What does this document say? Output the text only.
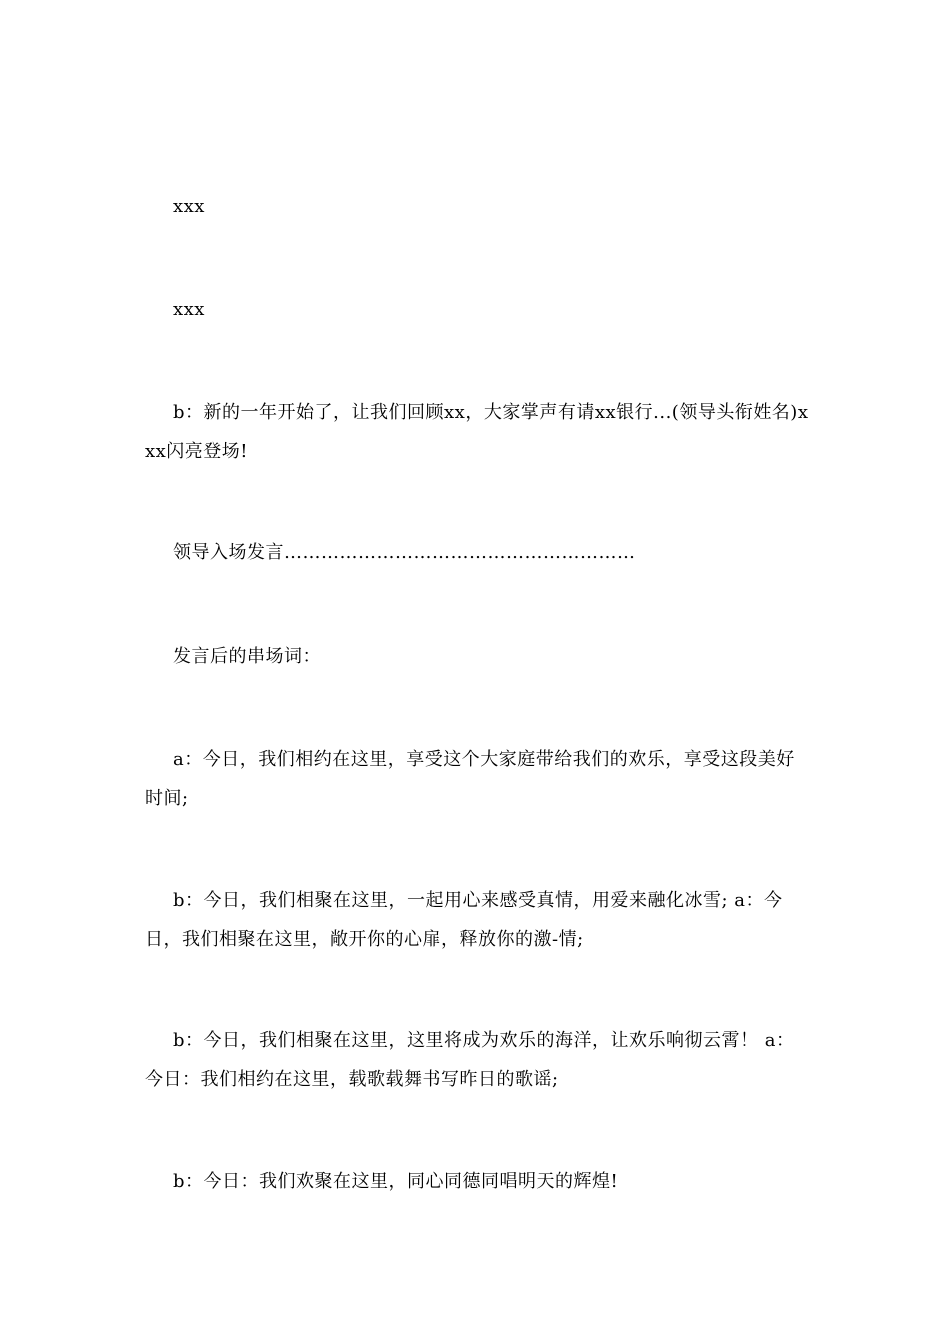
xxx

xxx

b：新的一年开始了，让我们回顾xx，大家掌声有请xx银行...(领导头衔姓名)xxx闪亮登场!

领导入场发言…………………………………………………

发言后的串场词：

a：今日，我们相约在这里，享受这个大家庭带给我们的欢乐，享受这段美好时间;

b：今日，我们相聚在这里，一起用心来感受真情，用爱来融化冰雪; a：今日，我们相聚在这里，敞开你的心扉，释放你的激-情;

b：今日，我们相聚在这里，这里将成为欢乐的海洋，让欢乐响彻云霄！ a：今日：我们相约在这里，载歌载舞书写昨日的歌谣;

b：今日：我们欢聚在这里，同心同德同唱明天的辉煌!
